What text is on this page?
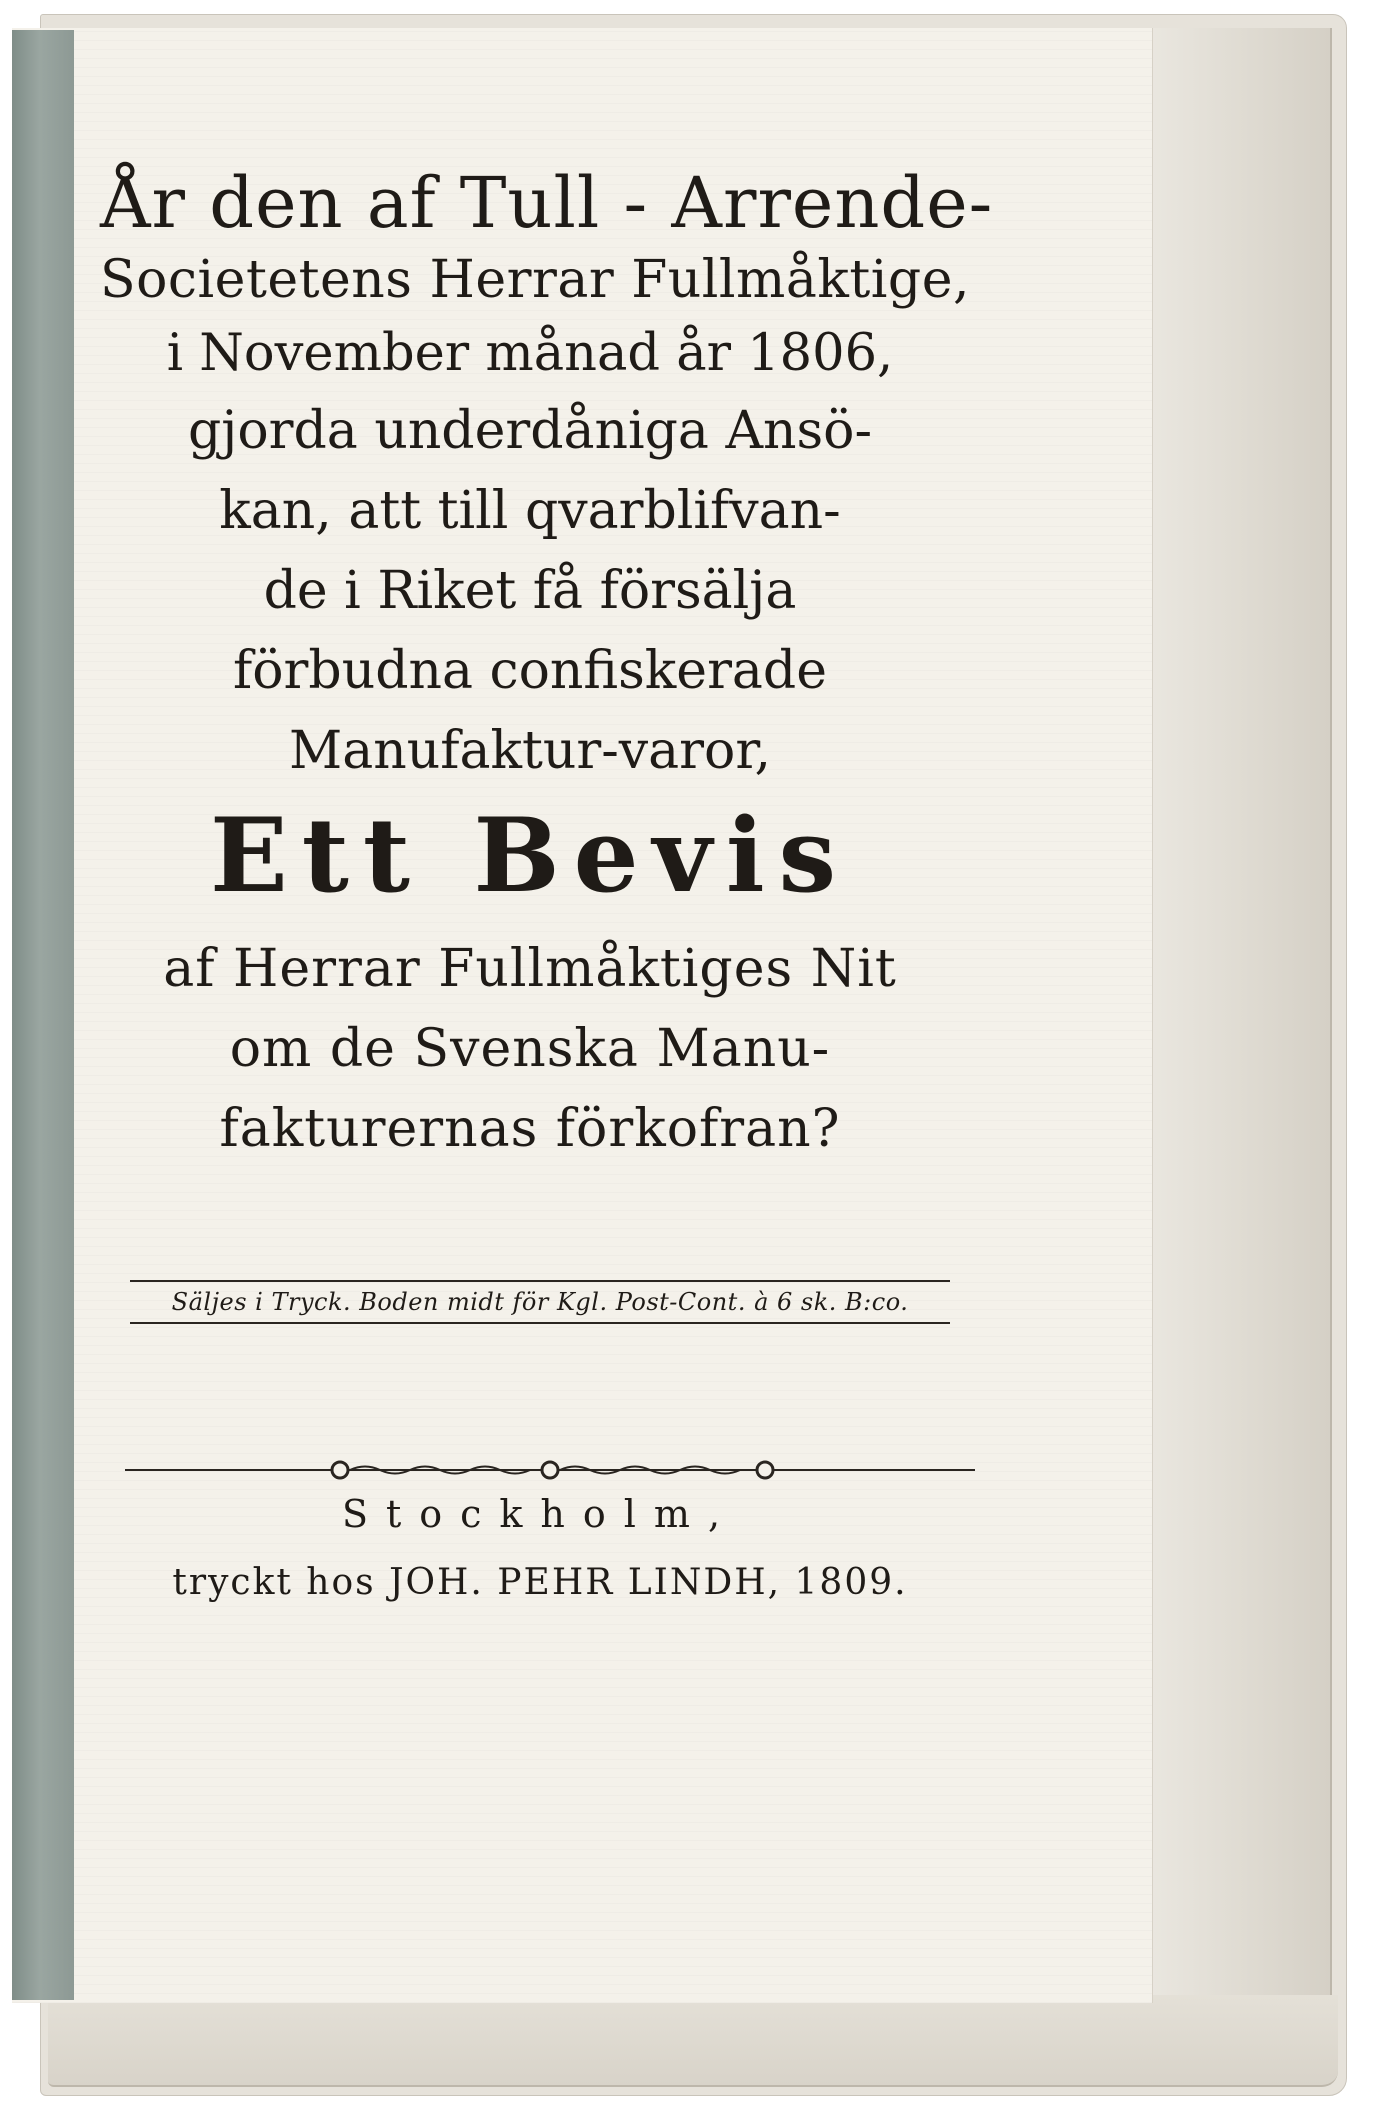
År den af Tull - Arrende-
Societetens Herrar Fullmåktige,
i November månad år 1806,
gjorda underdåniga Ansö-
kan, att till qvarblifvan-
de i Riket få försälja
förbudna confiskerade
Manufaktur-varor,
Ett Bevis
af Herrar Fullmåktiges Nit
om de Svenska Manu-
fakturernas förkofran?
Säljes i Tryck. Boden midt för Kgl. Post-Cont. à 6 sk. B:co.
Stockholm,
tryckt hos JOH. PEHR LINDH, 1809.
